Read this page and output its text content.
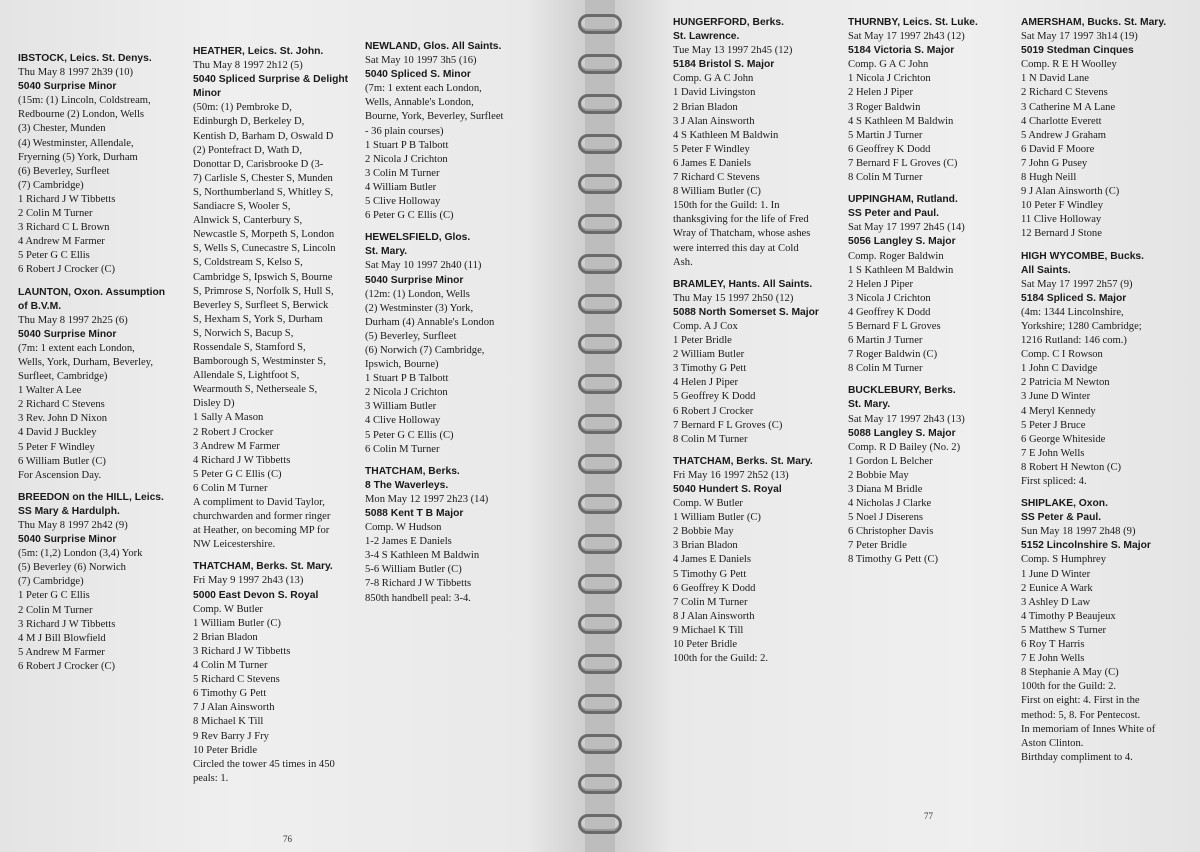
IBSTOCK, Leics. St. Denys.
Thu May 8 1997 2h39 (10)
5040 Surprise Minor
(15m: (1) Lincoln, Coldstream,
Redbourne (2) London, Wells
(3) Chester, Munden
(4) Westminster, Allendale,
Fryerning (5) York, Durham
(6) Beverley, Surfleet
(7) Cambridge)
1 Richard J W Tibbetts
2 Colin M Turner
3 Richard C L Brown
4 Andrew M Farmer
5 Peter G C Ellis
6 Robert J Crocker (C)
LAUNTON, Oxon. Assumption
of B.V.M.
Thu May 8 1997 2h25 (6)
5040 Surprise Minor
(7m: 1 extent each London,
Wells, York, Durham, Beverley,
Surfleet, Cambridge)
1 Walter A Lee
2 Richard C Stevens
3 Rev. John D Nixon
4 David J Buckley
5 Peter F Windley
6 William Butler (C)
For Ascension Day.
BREEDON on the HILL, Leics.
SS Mary & Hardulph.
Thu May 8 1997 2h42 (9)
5040 Surprise Minor
(5m: (1,2) London (3,4) York
(5) Beverley (6) Norwich
(7) Cambridge)
1 Peter G C Ellis
2 Colin M Turner
3 Richard J W Tibbetts
4 M J Bill Blowfield
5 Andrew M Farmer
6 Robert J Crocker (C)
HEATHER, Leics. St. John.
Thu May 8 1997 2h12 (5)
5040 Spliced Surprise & Delight
Minor
(50m: (1) Pembroke D,
Edinburgh D, Berkeley D,
Kentish D, Barham D, Oswald D
(2) Pontefract D, Wath D,
Donottar D, Carisbrooke D (3-
7) Carlisle S, Chester S, Munden
S, Northumberland S, Whitley S,
Sandiacre S, Wooler S,
Alnwick S, Canterbury S,
Newcastle S, Morpeth S, London
S, Wells S, Cunecastre S, Lincoln
S, Coldstream S, Kelso S,
Cambridge S, Ipswich S, Bourne
S, Primrose S, Norfolk S, Hull S,
Beverley S, Surfleet S, Berwick
S, Hexham S, York S, Durham
S, Norwich S, Bacup S,
Rossendale S, Stamford S,
Bamborough S, Westminster S,
Allendale S, Lightfoot S,
Wearmouth S, Netherseale S,
Disley D)
1 Sally A Mason
2 Robert J Crocker
3 Andrew M Farmer
4 Richard J W Tibbetts
5 Peter G C Ellis (C)
6 Colin M Turner
A compliment to David Taylor,
churchwarden and former ringer
at Heather, on becoming MP for
NW Leicestershire.
THATCHAM, Berks. St. Mary.
Fri May 9 1997 2h43 (13)
5000 East Devon S. Royal
Comp. W Butler
1 William Butler (C)
2 Brian Bladon
3 Richard J W Tibbetts
4 Colin M Turner
5 Richard C Stevens
6 Timothy G Pett
7 J Alan Ainsworth
8 Michael K Till
9 Rev Barry J Fry
10 Peter Bridle
Circled the tower 45 times in 450
peals: 1.
NEWLAND, Glos. All Saints.
Sat May 10 1997 3h5 (16)
5040 Spliced S. Minor
(7m: 1 extent each London,
Wells, Annable's London,
Bourne, York, Beverley, Surfleet
- 36 plain courses)
1 Stuart P B Talbott
2 Nicola J Crichton
3 Colin M Turner
4 William Butler
5 Clive Holloway
6 Peter G C Ellis (C)
HEWELSFIELD, Glos.
St. Mary.
Sat May 10 1997 2h40 (11)
5040 Surprise Minor
(12m: (1) London, Wells
(2) Westminster (3) York,
Durham (4) Annable's London
(5) Beverley, Surfleet
(6) Norwich (7) Cambridge,
Ipswich, Bourne)
1 Stuart P B Talbott
2 Nicola J Crichton
3 William Butler
4 Clive Holloway
5 Peter G C Ellis (C)
6 Colin M Turner
THATCHAM, Berks.
8 The Waverleys.
Mon May 12 1997 2h23 (14)
5088 Kent T B Major
Comp. W Hudson
1-2 James E Daniels
3-4 S Kathleen M Baldwin
5-6 William Butler (C)
7-8 Richard J W Tibbetts
850th handbell peal: 3-4.
HUNGERFORD, Berks.
St. Lawrence.
Tue May 13 1997 2h45 (12)
5184 Bristol S. Major
Comp. G A C John
1 David Livingston
2 Brian Bladon
3 J Alan Ainsworth
4 S Kathleen M Baldwin
5 Peter F Windley
6 James E Daniels
7 Richard C Stevens
8 William Butler (C)
150th for the Guild: 1. In
thanksgiving for the life of Fred
Wray of Thatcham, whose ashes
were interred this day at Cold
Ash.
BRAMLEY, Hants. All Saints.
Thu May 15 1997 2h50 (12)
5088 North Somerset S. Major
Comp. A J Cox
1 Peter Bridle
2 William Butler
3 Timothy G Pett
4 Helen J Piper
5 Geoffrey K Dodd
6 Robert J Crocker
7 Bernard F L Groves (C)
8 Colin M Turner
THATCHAM, Berks. St. Mary.
Fri May 16 1997 2h52 (13)
5040 Hundert S. Royal
Comp. W Butler
1 William Butler (C)
2 Bobbie May
3 Brian Bladon
4 James E Daniels
5 Timothy G Pett
6 Geoffrey K Dodd
7 Colin M Turner
8 J Alan Ainsworth
9 Michael K Till
10 Peter Bridle
100th for the Guild: 2.
THURNBY, Leics. St. Luke.
Sat May 17 1997 2h43 (12)
5184 Victoria S. Major
Comp. G A C John
1 Nicola J Crichton
2 Helen J Piper
3 Roger Baldwin
4 S Kathleen M Baldwin
5 Martin J Turner
6 Geoffrey K Dodd
7 Bernard F L Groves (C)
8 Colin M Turner
UPPINGHAM, Rutland.
SS Peter and Paul.
Sat May 17 1997 2h45 (14)
5056 Langley S. Major
Comp. Roger Baldwin
1 S Kathleen M Baldwin
2 Helen J Piper
3 Nicola J Crichton
4 Geoffrey K Dodd
5 Bernard F L Groves
6 Martin J Turner
7 Roger Baldwin (C)
8 Colin M Turner
BUCKLEBURY, Berks.
St. Mary.
Sat May 17 1997 2h43 (13)
5088 Langley S. Major
Comp. R D Bailey (No. 2)
1 Gordon L Belcher
2 Bobbie May
3 Diana M Bridle
4 Nicholas J Clarke
5 Noel J Diserens
6 Christopher Davis
7 Peter Bridle
8 Timothy G Pett (C)
AMERSHAM, Bucks. St. Mary.
Sat May 17 1997 3h14 (19)
5019 Stedman Cinques
Comp. R E H Woolley
1 N David Lane
2 Richard C Stevens
3 Catherine M A Lane
4 Charlotte Everett
5 Andrew J Graham
6 David F Moore
7 John G Pusey
8 Hugh Neill
9 J Alan Ainsworth (C)
10 Peter F Windley
11 Clive Holloway
12 Bernard J Stone
HIGH WYCOMBE, Bucks.
All Saints.
Sat May 17 1997 2h57 (9)
5184 Spliced S. Major
(4m: 1344 Lincolnshire,
Yorkshire; 1280 Cambridge;
1216 Rutland: 146 com.)
Comp. C I Rowson
1 John C Davidge
2 Patricia M Newton
3 June D Winter
4 Meryl Kennedy
5 Peter J Bruce
6 George Whiteside
7 E John Wells
8 Robert H Newton (C)
First spliced: 4.
SHIPLAKE, Oxon.
SS Peter & Paul.
Sun May 18 1997 2h48 (9)
5152 Lincolnshire S. Major
Comp. S Humphrey
1 June D Winter
2 Eunice A Wark
3 Ashley D Law
4 Timothy P Beaujeux
5 Matthew S Turner
6 Roy T Harris
7 E John Wells
8 Stephanie A May (C)
100th for the Guild: 2.
First on eight: 4. First in the
method: 5, 8. For Pentecost.
In memoriam of Innes White of
Aston Clinton.
Birthday compliment to 4.
76
77
